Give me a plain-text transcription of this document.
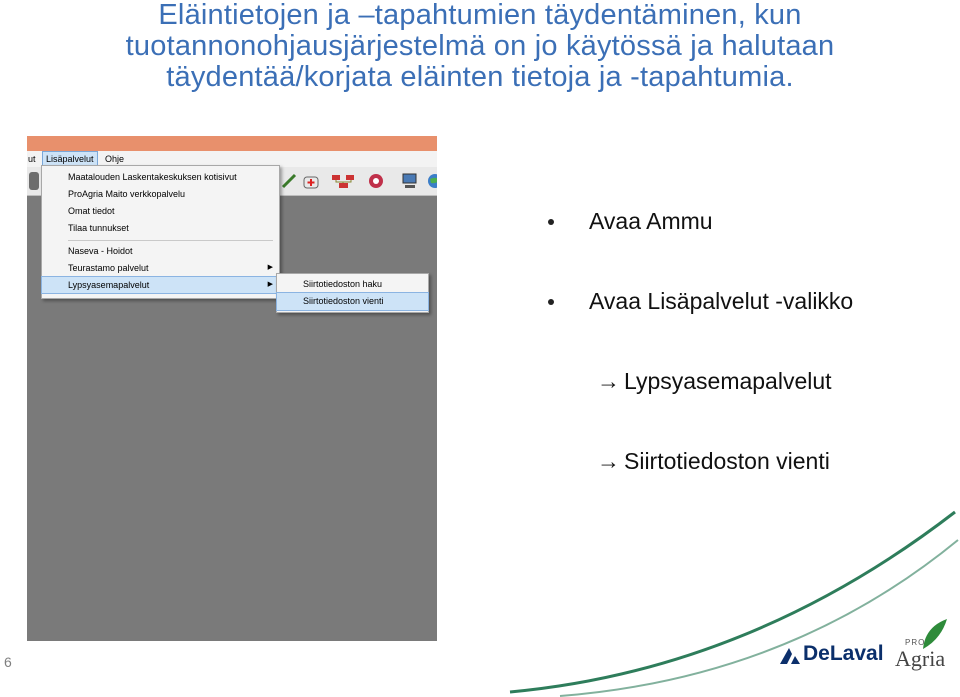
Eläintietojen ja –tapahtumien täydentäminen, kun
tuotannonohjausjärjestelmä on jo käytössä ja halutaan
täydentää/korjata eläinten tietoja ja -tapahtumia.
ut	Lisäpalvelut	Ohje
Maatalouden Laskentakeskuksen kotisivut
ProAgria Maito verkkopalvelu
Omat tiedot
Tilaa tunnukset
Naseva - Hoidot
Teurastamo palvelut	▶
Lypsyasemapalvelut	▶	Siirtotiedoston haku
Siirtotiedoston vienti
Avaa Ammu
Avaa Lisäpalvelut -valikko
→ Lypsyasemapalvelut
→ Siirtotiedoston vienti
6	DeLaval	PRO
Agria
